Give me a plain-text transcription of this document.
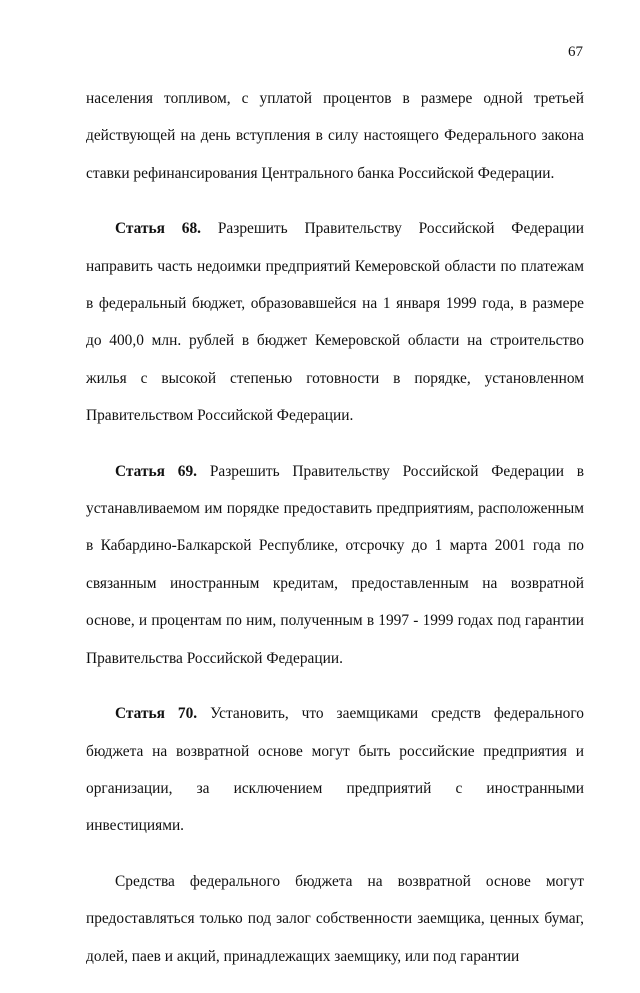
67

населения топливом, с уплатой процентов в размере одной третьей действующей на день вступления в силу настоящего Федерального закона ставки рефинансирования Центрального банка Российской Федерации.

Статья 68. Разрешить Правительству Российской Федерации направить часть недоимки предприятий Кемеровской области по платежам в федеральный бюджет, образовавшейся на 1 января 1999 года, в размере до 400,0 млн. рублей в бюджет Кемеровской области на строительство жилья с высокой степенью готовности в порядке, установленном Правительством Российской Федерации.

Статья 69. Разрешить Правительству Российской Федерации в устанавливаемом им порядке предоставить предприятиям, расположенным в Кабардино-Балкарской Республике, отсрочку до 1 марта 2001 года по связанным иностранным кредитам, предоставленным на возвратной основе, и процентам по ним, полученным в 1997 - 1999 годах под гарантии Правительства Российской Федерации.

Статья 70. Установить, что заемщиками средств федерального бюджета на возвратной основе могут быть российские предприятия и организации, за исключением предприятий с иностранными инвестициями.

Средства федерального бюджета на возвратной основе могут предоставляться только под залог собственности заемщика, ценных бумаг, долей, паев и акций, принадлежащих заемщику, или под гарантии
